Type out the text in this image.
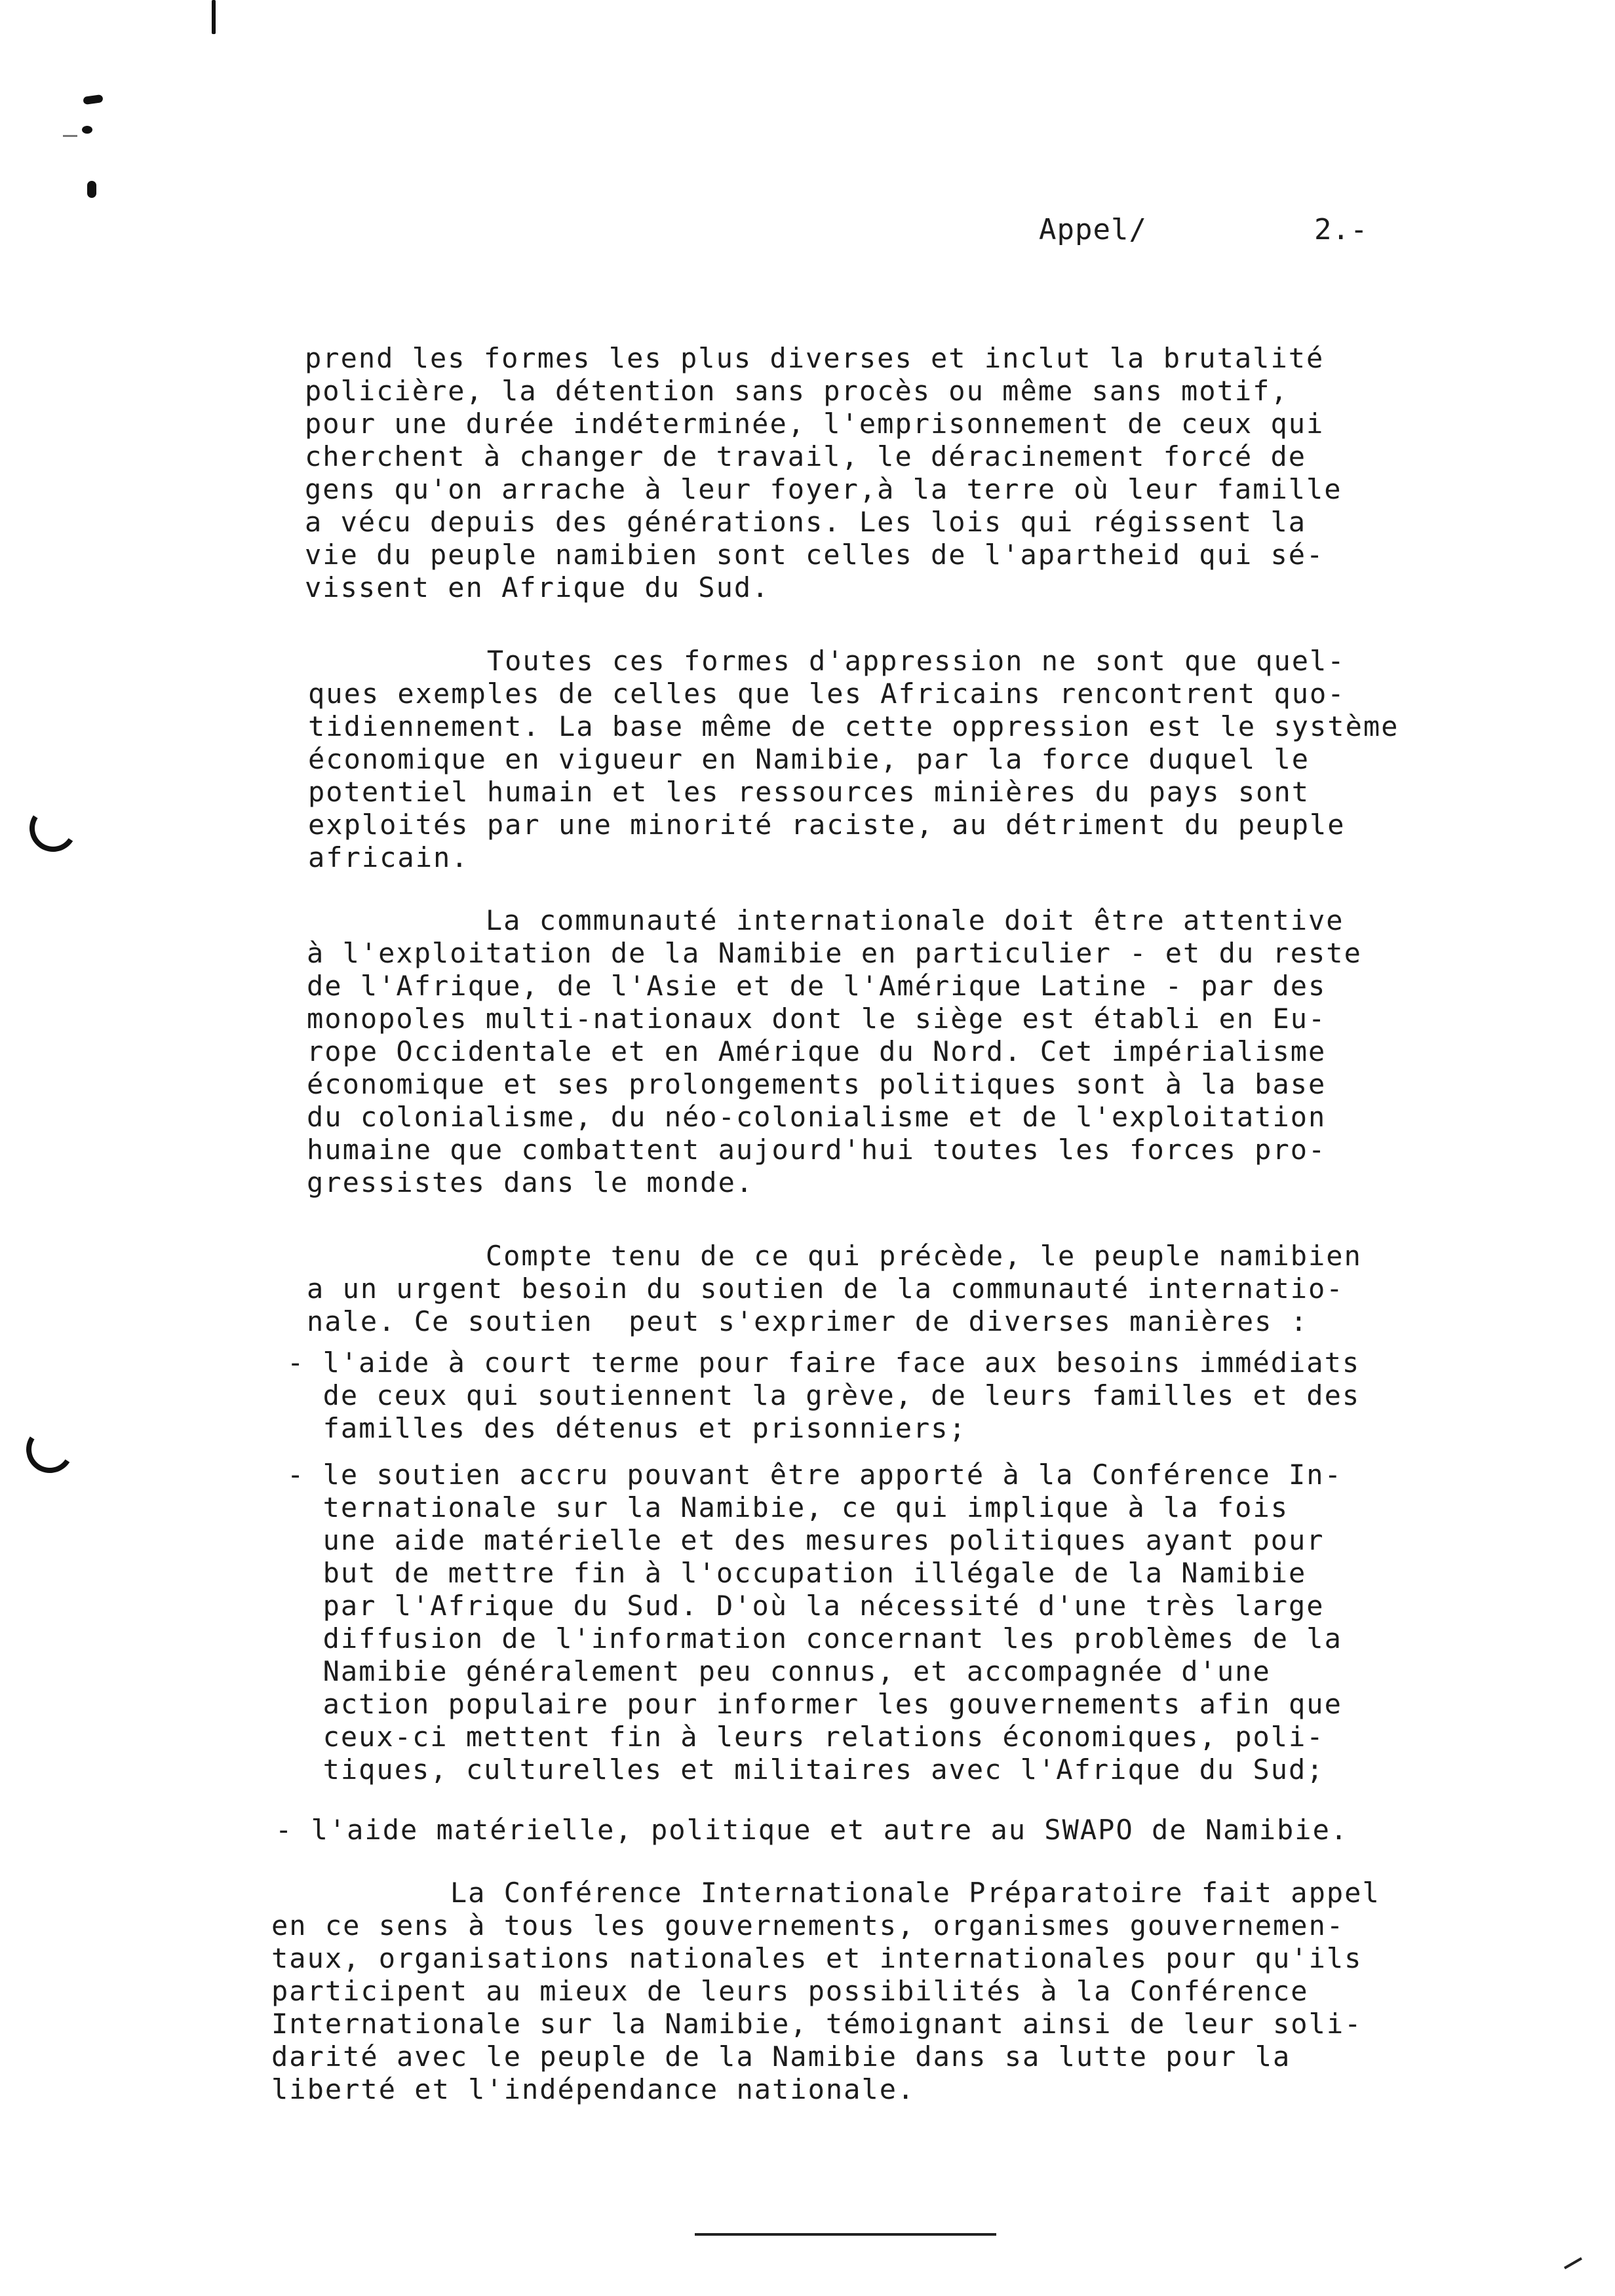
Appel/	2.-
prend les formes les plus diverses et inclut la brutalité
policière, la détention sans procès ou même sans motif,
pour une durée indéterminée, l'emprisonnement de ceux qui
cherchent à changer de travail, le déracinement forcé de
gens qu'on arrache à leur foyer,à la terre où leur famille
a vécu depuis des générations. Les lois qui régissent la
vie du peuple namibien sont celles de l'apartheid qui sé-
vissent en Afrique du Sud.
Toutes ces formes d'appression ne sont que quel-
ques exemples de celles que les Africains rencontrent quo-
tidiennement. La base même de cette oppression est le système
économique en vigueur en Namibie, par la force duquel le
potentiel humain et les ressources minières du pays sont
exploités par une minorité raciste, au détriment du peuple
africain.
La communauté internationale doit être attentive
à l'exploitation de la Namibie en particulier - et du reste
de l'Afrique, de l'Asie et de l'Amérique Latine - par des
monopoles multi-nationaux dont le siège est établi en Eu-
rope Occidentale et en Amérique du Nord. Cet impérialisme
économique et ses prolongements politiques sont à la base
du colonialisme, du néo-colonialisme et de l'exploitation
humaine que combattent aujourd'hui toutes les forces pro-
gressistes dans le monde.
Compte tenu de ce qui précède, le peuple namibien
a un urgent besoin du soutien de la communauté internatio-
nale. Ce soutien  peut s'exprimer de diverses manières :
- l'aide à court terme pour faire face aux besoins immédiats
de ceux qui soutiennent la grève, de leurs familles et des
familles des détenus et prisonniers;
- le soutien accru pouvant être apporté à la Conférence In-
ternationale sur la Namibie, ce qui implique à la fois
une aide matérielle et des mesures politiques ayant pour
but de mettre fin à l'occupation illégale de la Namibie
par l'Afrique du Sud. D'où la nécessité d'une très large
diffusion de l'information concernant les problèmes de la
Namibie généralement peu connus, et accompagnée d'une
action populaire pour informer les gouvernements afin que
ceux-ci mettent fin à leurs relations économiques, poli-
tiques, culturelles et militaires avec l'Afrique du Sud;
- l'aide matérielle, politique et autre au SWAPO de Namibie.
La Conférence Internationale Préparatoire fait appel
en ce sens à tous les gouvernements, organismes gouvernemen-
taux, organisations nationales et internationales pour qu'ils
participent au mieux de leurs possibilités à la Conférence
Internationale sur la Namibie, témoignant ainsi de leur soli-
darité avec le peuple de la Namibie dans sa lutte pour la
liberté et l'indépendance nationale.
